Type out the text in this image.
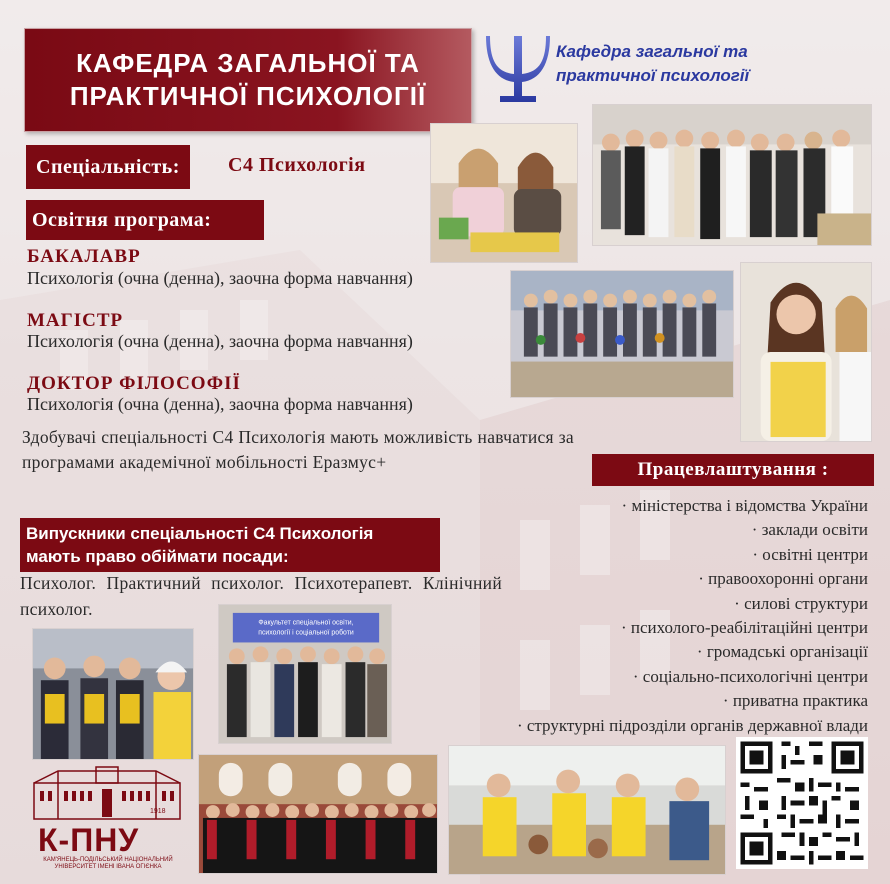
КАФЕДРА ЗАГАЛЬНОЇ ТА
ПРАКТИЧНОЇ ПСИХОЛОГІЇ
Кафедра загальної та
практичної психології
Спеціальність:	С4 Психологія
Освітня програма:
БАКАЛАВР
Психологія (очна (денна), заочна форма навчання)
МАГІСТР
Психологія (очна (денна), заочна форма навчання)
ДОКТОР ФІЛОСОФІЇ
Психологія (очна (денна), заочна форма навчання)
Здобувачі спеціальності С4 Психологія мають можливість навчатися за програмами академічної мобільності Еразмус+
Випускники спеціальності С4 Психологія
мають право обіймати посади:
Психолог. Практичний психолог. Психотерапевт. Клінічний психолог.
Працевлаштування :
· міністерства і відомства України
· заклади освіти
· освітні центри
· правоохоронні органи
· силові структури
· психолого-реабілітаційні центри
· громадські організації
· соціально-психологічні центри
· приватна практика
· структурні підрозділи органів державної влади
Факультет спеціальної освіти,
психології і соціальної роботи
1918
К-ПНУ
КАМ'ЯНЕЦЬ-ПОДІЛЬСЬКИЙ НАЦІОНАЛЬНИЙ
УНІВЕРСИТЕТ ІМЕНІ ІВАНА ОГІЄНКА
